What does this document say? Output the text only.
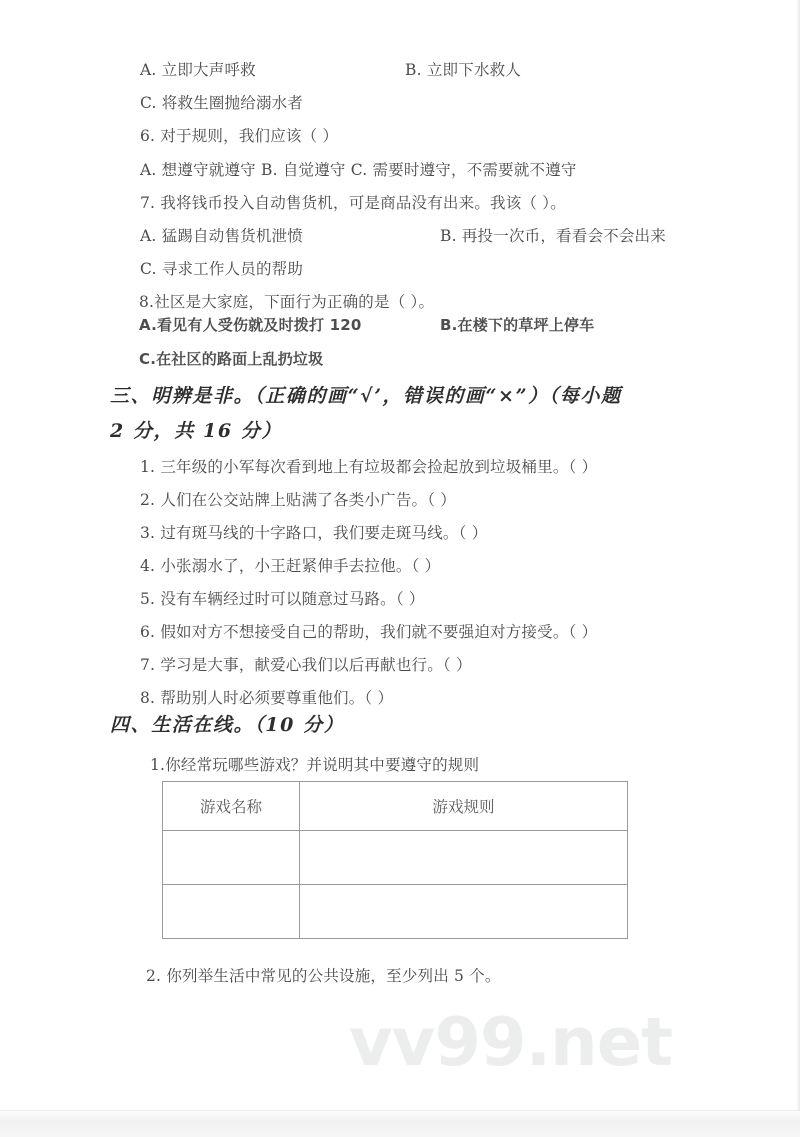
vv99.net
A. 立即大声呼救	B. 立即下水救人
C. 将救生圈抛给溺水者
6. 对于规则，我们应该（ ）
A. 想遵守就遵守 B. 自觉遵守 C. 需要时遵守，不需要就不遵守
7. 我将钱币投入自动售货机，可是商品没有出来。我该（ ）。
A. 猛踢自动售货机泄愤	B. 再投一次币，看看会不会出来
C. 寻求工作人员的帮助
8.社区是大家庭，下面行为正确的是（ ）。
A.看见有人受伤就及时拨打 120	B.在楼下的草坪上停车
C.在社区的路面上乱扔垃圾
三、明辨是非。（正确的画“√’，错误的画“×”）（每小题
2 分，共 16 分）
1. 三年级的小军每次看到地上有垃圾都会捡起放到垃圾桶里。（ ）
2. 人们在公交站牌上贴满了各类小广告。（ ）
3. 过有斑马线的十字路口，我们要走斑马线。（ ）
4. 小张溺水了，小王赶紧伸手去拉他。（ ）
5. 没有车辆经过时可以随意过马路。（ ）
6. 假如对方不想接受自己的帮助，我们就不要强迫对方接受。（ ）
7. 学习是大事，献爱心我们以后再献也行。（ ）
8. 帮助别人时必须要尊重他们。（ ）
四、生活在线。（10 分）
1.你经常玩哪些游戏？并说明其中要遵守的规则
游戏名称	游戏规则

2. 你列举生活中常见的公共设施，至少列出 5 个。
